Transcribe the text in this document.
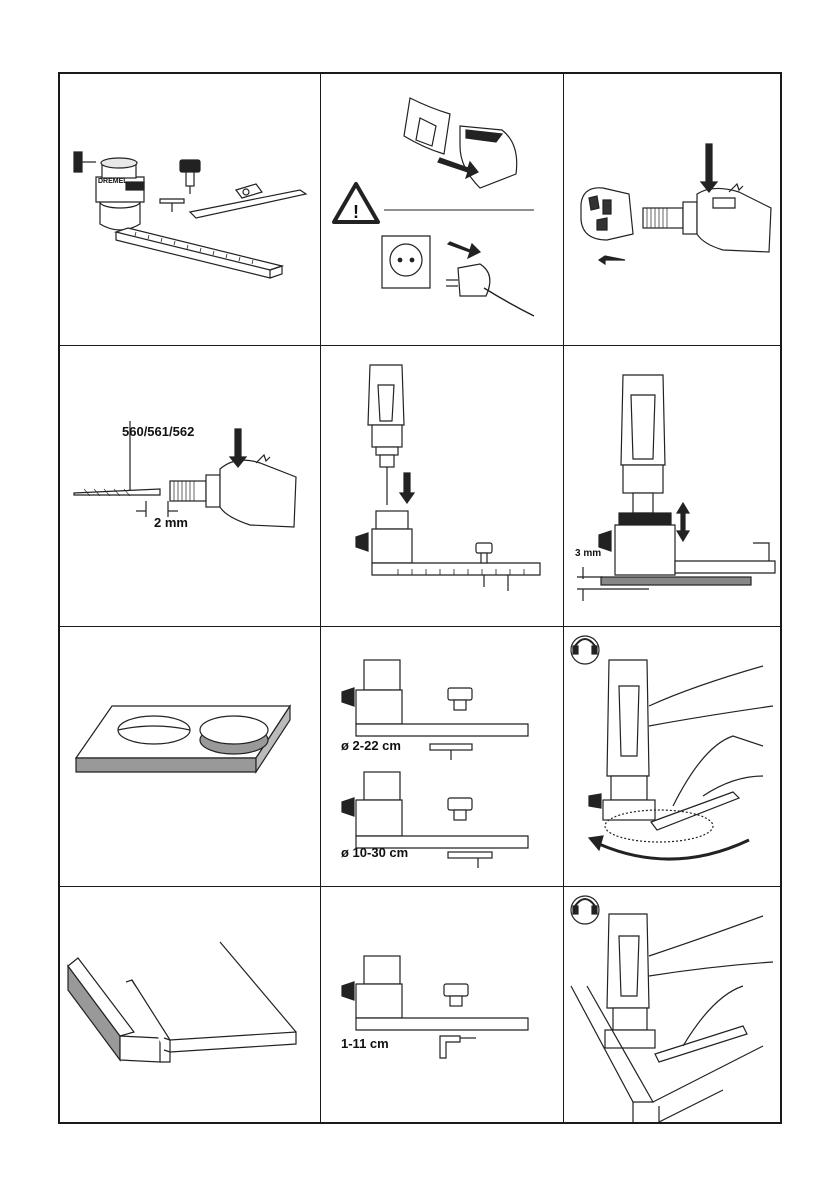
DREMEL
!
560/561/562
2 mm
3 mm
ø 2-22 cm
ø 10-30 cm
1-11 cm
